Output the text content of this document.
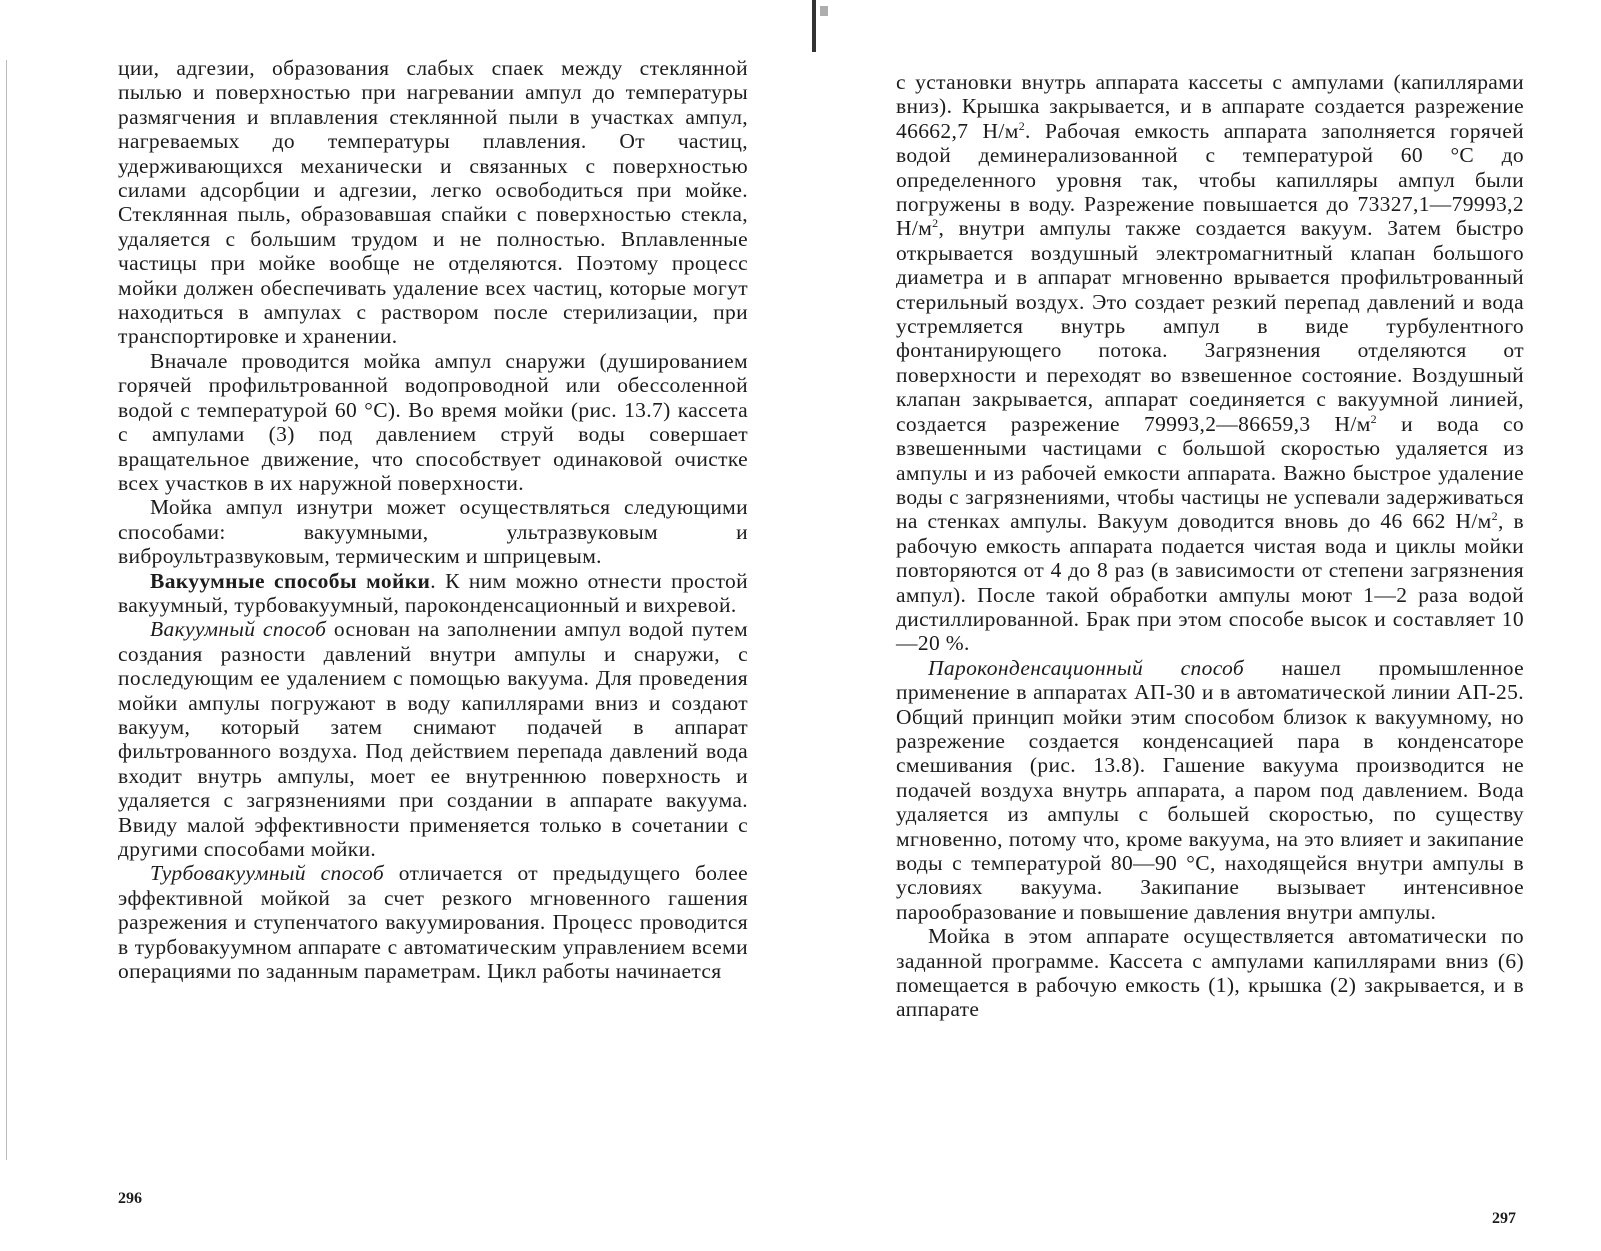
ции, адгезии, образования слабых спаек между стеклянной пылью и поверхностью при нагревании ампул до температуры размягчения и вплавления стеклянной пыли в участках ампул, нагреваемых до температуры плавления. От частиц, удерживающихся механически и связанных с поверхностью силами адсорбции и адгезии, легко освободиться при мойке. Стеклянная пыль, образовавшая спайки с поверхностью стекла, удаляется с большим трудом и не полностью. Вплавленные частицы при мойке вообще не отделяются. Поэтому процесс мойки должен обеспечивать удаление всех частиц, которые могут находиться в ампулах с раствором после стерилизации, при транспортировке и хранении.

Вначале проводится мойка ампул снаружи (душированием горячей профильтрованной водопроводной или обессоленной водой с температурой 60 °С). Во время мойки (рис. 13.7) кассета с ампулами (3) под давлением струй воды совершает вращательное движение, что способствует одинаковой очистке всех участков в их наружной поверхности.

Мойка ампул изнутри может осуществляться следующими способами: вакуумными, ультразвуковым и виброультразвуковым, термическим и шприцевым.

Вакуумные способы мойки. К ним можно отнести простой вакуумный, турбовакуумный, пароконденсационный и вихревой.

Вакуумный способ основан на заполнении ампул водой путем создания разности давлений внутри ампулы и снаружи, с последующим ее удалением с помощью вакуума. Для проведения мойки ампулы погружают в воду капиллярами вниз и создают вакуум, который затем снимают подачей в аппарат фильтрованного воздуха. Под действием перепада давлений вода входит внутрь ампулы, моет ее внутреннюю поверхность и удаляется с загрязнениями при создании в аппарате вакуума. Ввиду малой эффективности применяется только в сочетании с другими способами мойки.

Турбовакуумный способ отличается от предыдущего более эффективной мойкой за счет резкого мгновенного гашения разрежения и ступенчатого вакуумирования. Процесс проводится в турбовакуумном аппарате с автоматическим управлением всеми операциями по заданным параметрам. Цикл работы начинается

296

с установки внутрь аппарата кассеты с ампулами (капиллярами вниз). Крышка закрывается, и в аппарате создается разрежение 46662,7 $Н/м^2$. Рабочая емкость аппарата заполняется горячей водой деминерализованной с температурой 60 °С до определенного уровня так, чтобы капилляры ампул были погружены в воду. Разрежение повышается до 73327,1—79993,2 $Н/м^2$, внутри ампулы также создается вакуум. Затем быстро открывается воздушный электромагнитный клапан большого диаметра и в аппарат мгновенно врывается профильтрованный стерильный воздух. Это создает резкий перепад давлений и вода устремляется внутрь ампул в виде турбулентного фонтанирующего потока. Загрязнения отделяются от поверхности и переходят во взвешенное состояние. Воздушный клапан закрывается, аппарат соединяется с вакуумной линией, создается разрежение 79993,2—86659,3 $Н/м^2$ и вода со взвешенными частицами с большой скоростью удаляется из ампулы и из рабочей емкости аппарата. Важно быстрое удаление воды с загрязнениями, чтобы частицы не успевали задерживаться на стенках ампулы. Вакуум доводится вновь до 46 662 $Н/м^2$, в рабочую емкость аппарата подается чистая вода и циклы мойки повторяются от 4 до 8 раз (в зависимости от степени загрязнения ампул). После такой обработки ампулы моют 1—2 раза водой дистиллированной. Брак при этом способе высок и составляет 10—20 %.

Пароконденсационный способ нашел промышленное применение в аппаратах АП-30 и в автоматической линии АП-25. Общий принцип мойки этим способом близок к вакуумному, но разрежение создается конденсацией пара в конденсаторе смешивания (рис. 13.8). Гашение вакуума производится не подачей воздуха внутрь аппарата, а паром под давлением. Вода удаляется из ампулы с большей скоростью, по существу мгновенно, потому что, кроме вакуума, на это влияет и закипание воды с температурой 80—90 °С, находящейся внутри ампулы в условиях вакуума. Закипание вызывает интенсивное парообразование и повышение давления внутри ампулы.

Мойка в этом аппарате осуществляется автоматически по заданной программе. Кассета с ампулами капиллярами вниз (6) помещается в рабочую емкость (1), крышка (2) закрывается, и в аппарате

297
